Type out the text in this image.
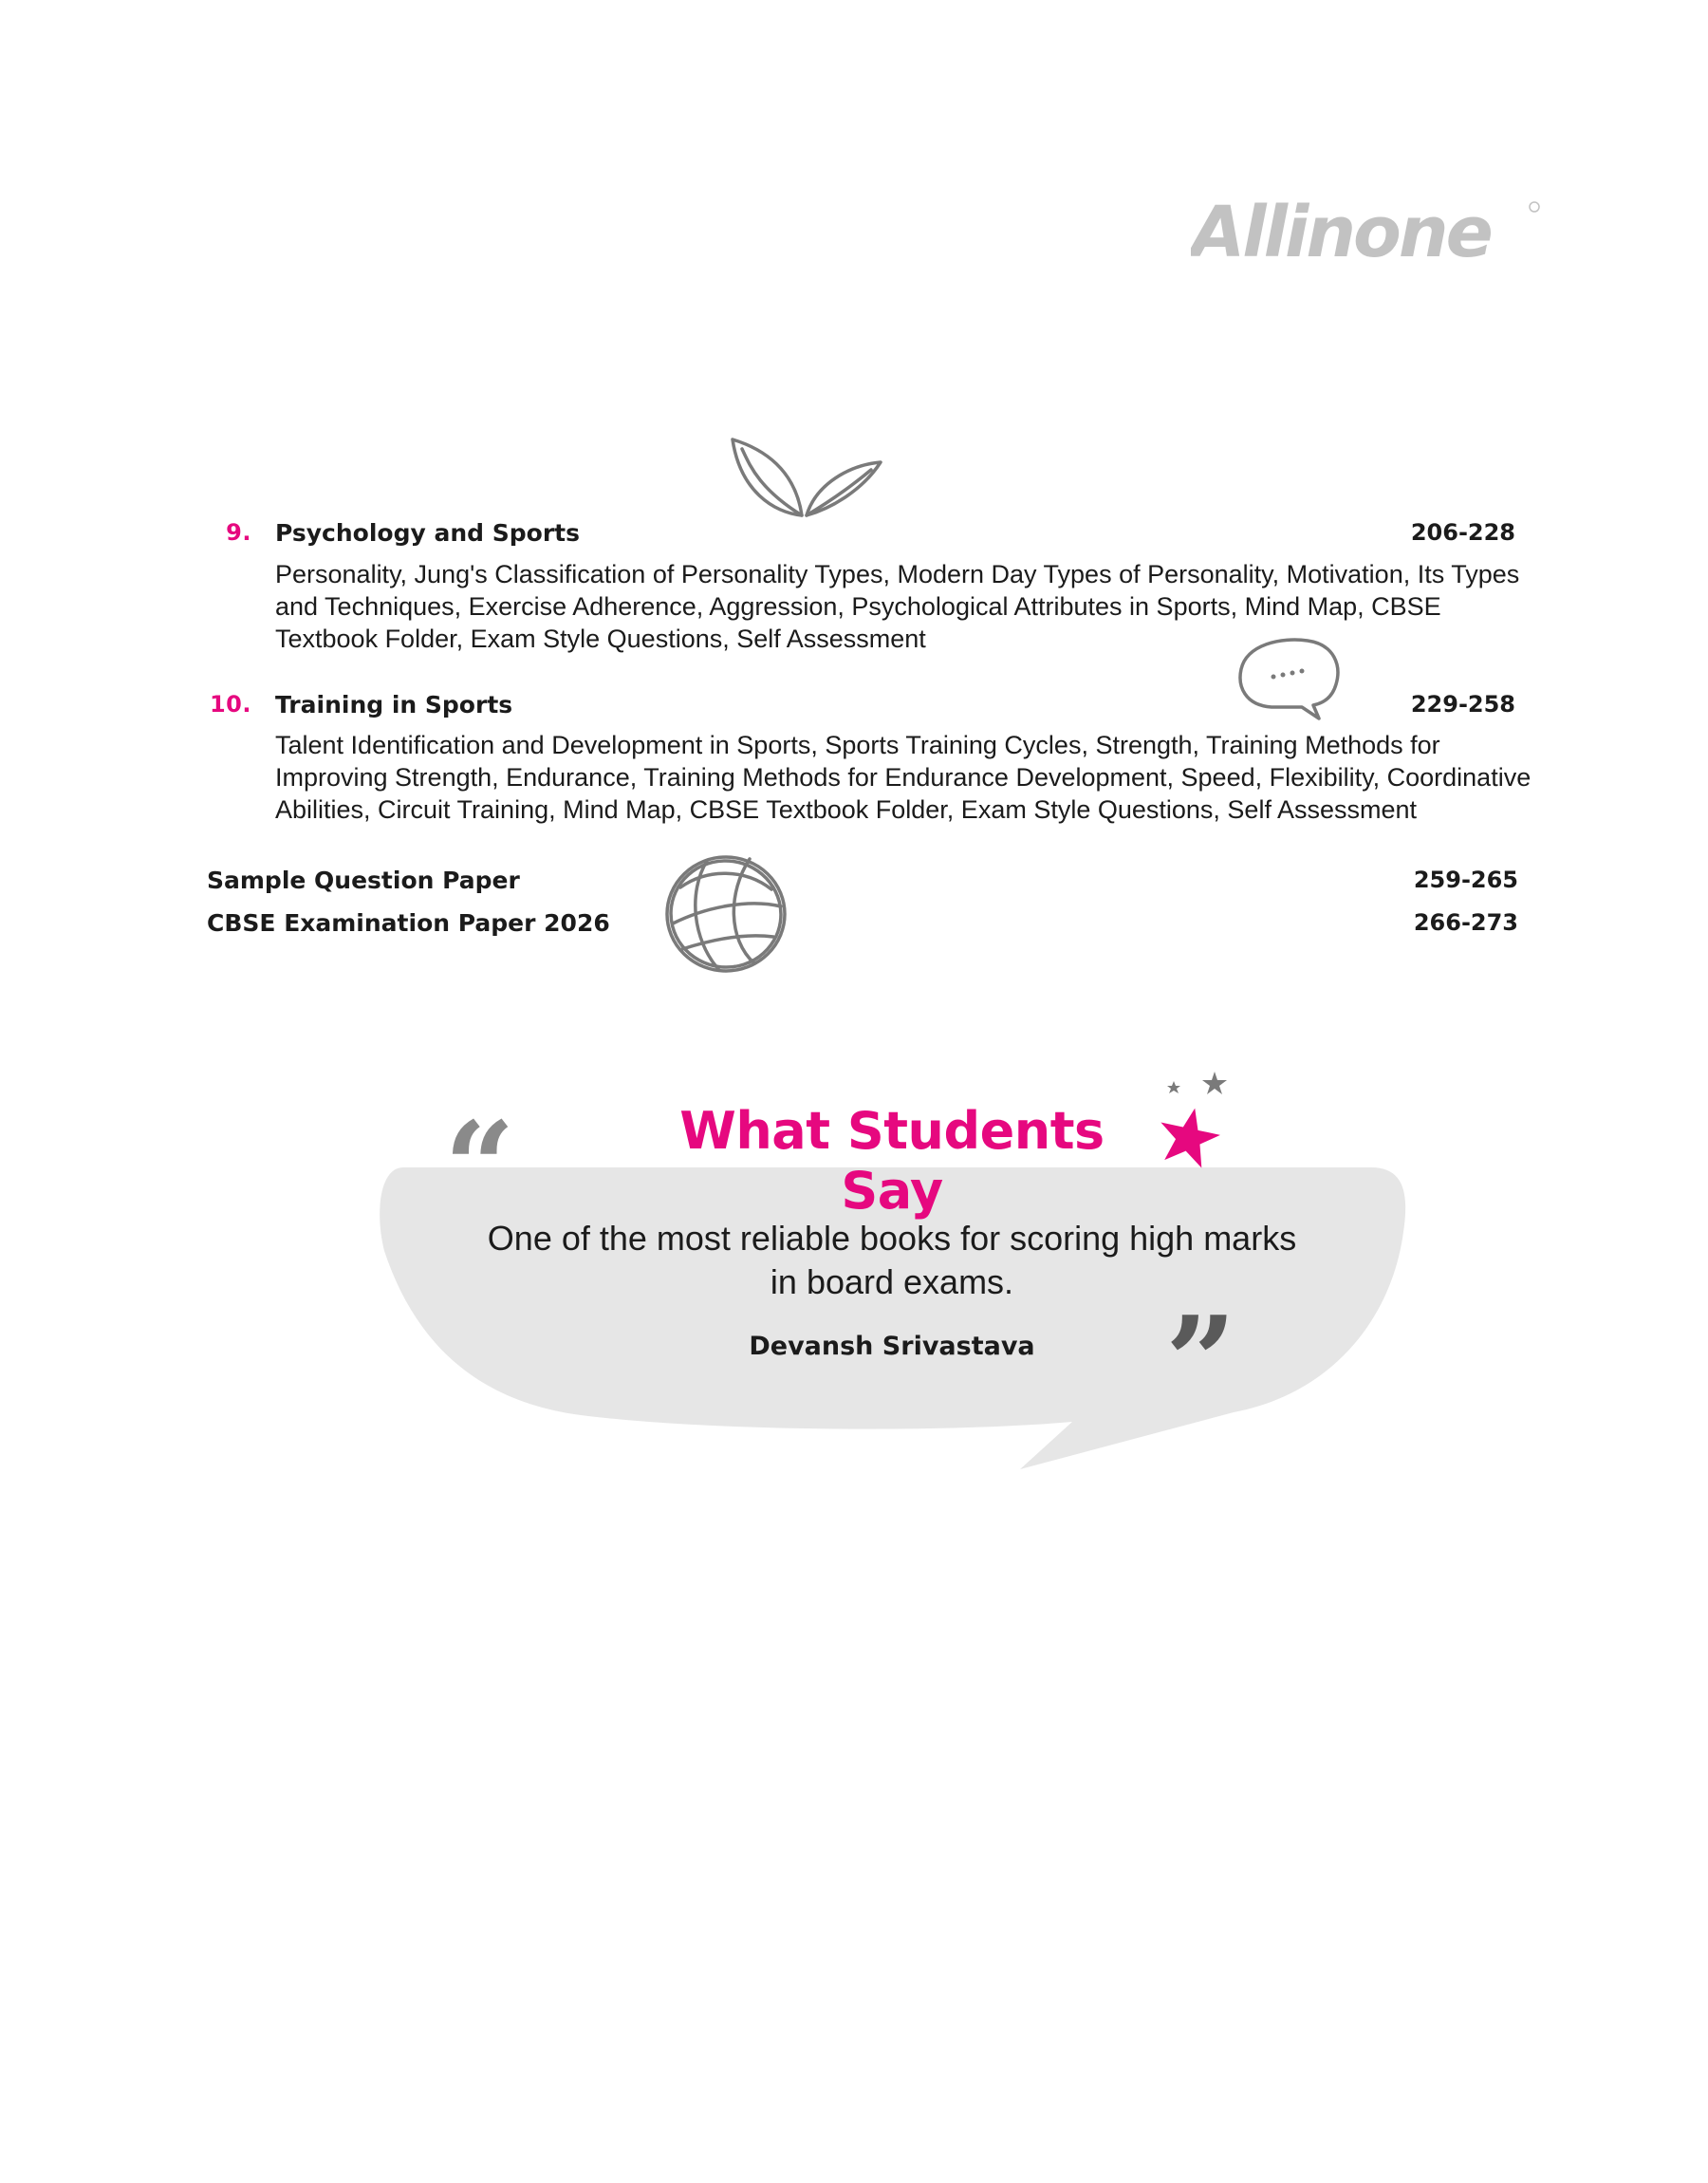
Allinone
9. Psychology and Sports	206-228
Personality, Jung's Classification of Personality Types, Modern Day Types of Personality, Motivation, Its Types and Techniques, Exercise Adherence, Aggression, Psychological Attributes in Sports, Mind Map, CBSE Textbook Folder, Exam Style Questions, Self Assessment
10. Training in Sports	229-258
Talent Identification and Development in Sports, Sports Training Cycles, Strength, Training Methods for Improving Strength, Endurance, Training Methods for Endurance Development, Speed, Flexibility, Coordinative Abilities, Circuit Training, Mind Map, CBSE Textbook Folder, Exam Style Questions, Self Assessment
Sample Question Paper	259-265
CBSE Examination Paper 2026	266-273
“	What Students Say
One of the most reliable books for scoring high marks in board exams.
Devansh Srivastava	”
